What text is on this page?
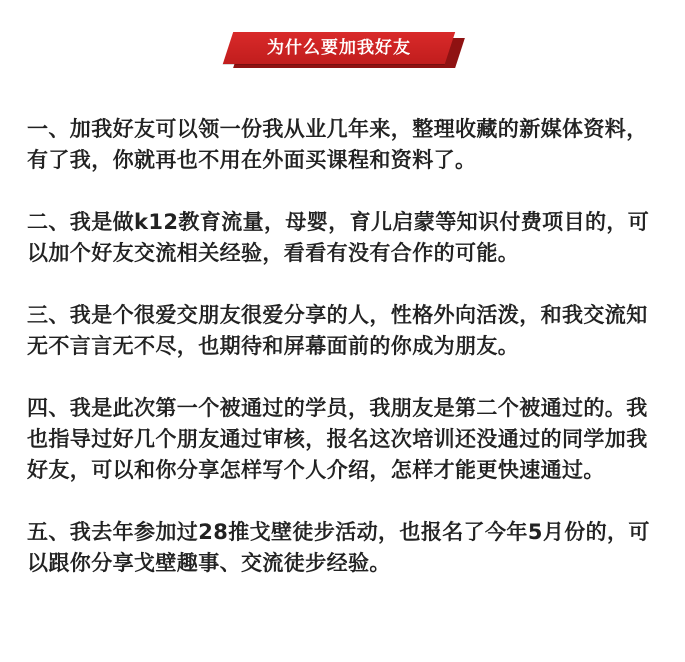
为什么要加我好友

一、加我好友可以领一份我从业几年来，整理收藏的新媒体资料，有了我，你就再也不用在外面买课程和资料了。

二、我是做k12教育流量，母婴，育儿启蒙等知识付费项目的，可以加个好友交流相关经验，看看有没有合作的可能。

三、我是个很爱交朋友很爱分享的人，性格外向活泼，和我交流知无不言言无不尽，也期待和屏幕面前的你成为朋友。

四、我是此次第一个被通过的学员，我朋友是第二个被通过的。我也指导过好几个朋友通过审核，报名这次培训还没通过的同学加我好友，可以和你分享怎样写个人介绍，怎样才能更快速通过。

五、我去年参加过28推戈壁徒步活动，也报名了今年5月份的，可以跟你分享戈壁趣事、交流徒步经验。
